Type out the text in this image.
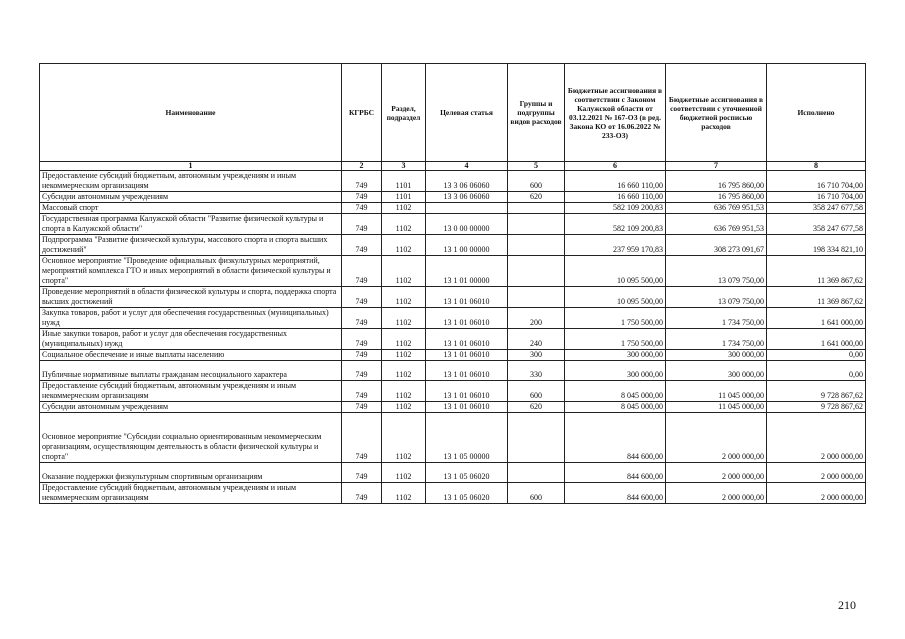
Наименование	КГРБС	Раздел, подраздел	Целевая статья	Группы и подгруппы видов расходов	Бюджетные ассигнования в соответствии с Законом Калужской области от 03.12.2021 № 167-ОЗ (в ред. Закона КО от 16.06.2022 № 233-ОЗ)	Бюджетные ассигнования в соответствии с уточненной бюджетной росписью расходов	Исполнено
1	2	3	4	5	6	7	8
Предоставление субсидий бюджетным, автономным учреждениям и иным некоммерческим организациям	749	1101	13 3 06 06060	600	16 660 110,00	16 795 860,00	16 710 704,00
Субсидии автономным учреждениям	749	1101	13 3 06 06060	620	16 660 110,00	16 795 860,00	16 710 704,00
Массовый спорт	749	1102			582 109 200,83	636 769 951,53	358 247 677,58
Государственная программа Калужской области "Развитие физической культуры и спорта в Калужской области"	749	1102	13 0 00 00000		582 109 200,83	636 769 951,53	358 247 677,58
Подпрограмма "Развитие физической культуры, массового спорта и спорта высших достижений"	749	1102	13 1 00 00000		237 959 170,83	308 273 091,67	198 334 821,10
Основное мероприятие "Проведение официальных физкультурных мероприятий, мероприятий комплекса ГТО и иных мероприятий в области физической культуры и спорта"	749	1102	13 1 01 00000		10 095 500,00	13 079 750,00	11 369 867,62
Проведение мероприятий в области физической культуры и спорта, поддержка спорта высших достижений	749	1102	13 1 01 06010		10 095 500,00	13 079 750,00	11 369 867,62
Закупка товаров, работ и услуг для обеспечения государственных (муниципальных) нужд	749	1102	13 1 01 06010	200	1 750 500,00	1 734 750,00	1 641 000,00
Иные закупки товаров, работ и услуг для обеспечения государственных (муниципальных) нужд	749	1102	13 1 01 06010	240	1 750 500,00	1 734 750,00	1 641 000,00
Социальное обеспечение и иные выплаты населению	749	1102	13 1 01 06010	300	300 000,00	300 000,00	0,00
Публичные нормативные выплаты гражданам несоциального характера	749	1102	13 1 01 06010	330	300 000,00	300 000,00	0,00
Предоставление субсидий бюджетным, автономным учреждениям и иным некоммерческим организациям	749	1102	13 1 01 06010	600	8 045 000,00	11 045 000,00	9 728 867,62
Субсидии автономным учреждениям	749	1102	13 1 01 06010	620	8 045 000,00	11 045 000,00	9 728 867,62
Основное мероприятие "Субсидии социально ориентированным некоммерческим организациям, осуществляющим деятельность в области физической культуры и спорта"	749	1102	13 1 05 00000		844 600,00	2 000 000,00	2 000 000,00
Оказание поддержки физкультурным спортивным организациям	749	1102	13 1 05 06020		844 600,00	2 000 000,00	2 000 000,00
Предоставление субсидий бюджетным, автономным учреждениям и иным некоммерческим организациям	749	1102	13 1 05 06020	600	844 600,00	2 000 000,00	2 000 000,00
210
